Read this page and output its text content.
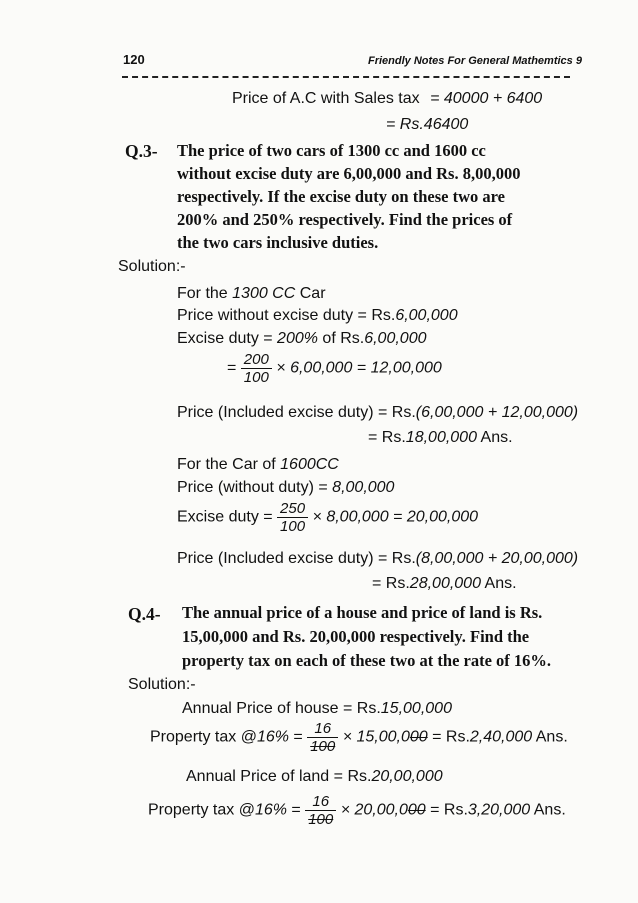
120	Friendly Notes For General Mathemtics 9
Price of A.C with Sales tax = 40000 + 6400
= Rs.46400
Q.3- The price of two cars of 1300 cc and 1600 cc
without excise duty are 6,00,000 and Rs. 8,00,000
respectively. If the excise duty on these two are
200% and 250% respectively. Find the prices of
the two cars inclusive duties.
Solution:-
For the 1300 CC Car
Price without excise duty = Rs.6,00,000
Excise duty = 200% of Rs.6,00,000
= $\frac{200}{100} \times 6,00,000 = 12,00,000$
Price (Included excise duty) = Rs.(6,00,000 + 12,00,000)
= Rs.18,00,000 Ans.
For the Car of 1600CC
Price (without duty) = 8,00,000
Excise duty = $\frac{250}{100} \times 8,00,000 = 20,00,000$
Price (Included excise duty) = Rs.(8,00,000 + 20,00,000)
= Rs.28,00,000 Ans.
Q.4- The annual price of a house and price of land is Rs.
15,00,000 and Rs. 20,00,000 respectively. Find the
property tax on each of these two at the rate of 16%.
Solution:-
Annual Price of house = Rs.15,00,000
Property tax @16% = $\frac{16}{100} \times 15,00,000 = Rs.2,40,000$ Ans.
Annual Price of land = Rs.20,00,000
Property tax @16% = $\frac{16}{100} \times 20,00,000 = Rs.3,20,000$ Ans.
